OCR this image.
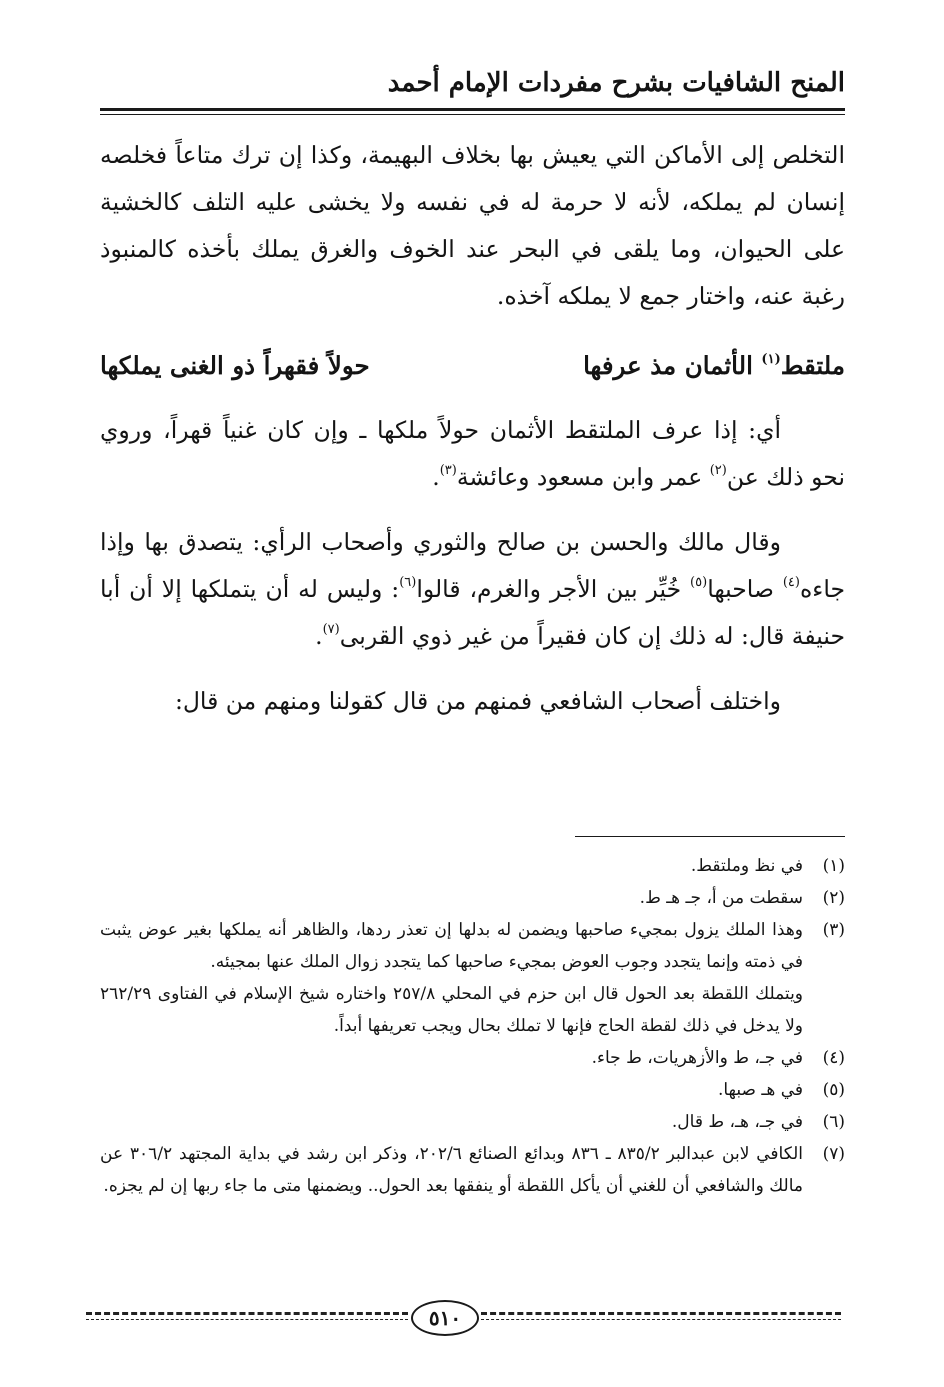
المنح الشافيات بشرح مفردات الإمام أحمد

التخلص إلى الأماكن التي يعيش بها بخلاف البهيمة، وكذا إن ترك متاعاً فخلصه إنسان لم يملكه، لأنه لا حرمة له في نفسه ولا يخشى عليه التلف كالخشية على الحيوان، وما يلقى في البحر عند الخوف والغرق يملك بأخذه كالمنبوذ رغبة عنه، واختار جمع لا يملكه آخذه.

ملتقط$^{(١)}$ الأثمان مذ عرفها
حولاً فقهراً ذو الغنى يملكها

أي: إذا عرف الملتقط الأثمان حولاً ملكها ـ وإن كان غنياً قهراً، وروي نحو ذلك عن$^{(٢)}$ عمر وابن مسعود وعائشة$^{(٣)}$.

وقال مالك والحسن بن صالح والثوري وأصحاب الرأي: يتصدق بها وإذا جاءه$^{(٤)}$ صاحبها$^{(٥)}$ خُيِّر بين الأجر والغرم، قالوا$^{(٦)}$: وليس له أن يتملكها إلا أن أبا حنيفة قال: له ذلك إن كان فقيراً من غير ذوي القربى$^{(٧)}$.

واختلف أصحاب الشافعي فمنهم من قال كقولنا ومنهم من قال:

(١)
في نظ وملتقط.
(٢)
سقطت من أ، جـ هـ ط.
(٣)

وهذا الملك يزول بمجيء صاحبها ويضمن له بدلها إن تعذر ردها، والظاهر أنه يملكها بغير عوض يثبت في ذمته وإنما يتجدد وجوب العوض بمجيء صاحبها كما يتجدد زوال الملك عنها بمجيئه.

ويتملك اللقطة بعد الحول قال ابن حزم في المحلي ٢٥٧/٨ واختاره شيخ الإسلام في الفتاوى ٢٦٢/٢٩ ولا يدخل في ذلك لقطة الحاج فإنها لا تملك بحال ويجب تعريفها أبداً.

(٤)
في جـ، ط والأزهريات، ط جاء.
(٥)
في هـ صبها.
(٦)
في جـ، هـ، ط قال.
(٧)
الكافي لابن عبدالبر ٨٣٥/٢ ـ ٨٣٦ وبدائع الصنائع ٢٠٢/٦، وذكر ابن رشد في بداية المجتهد ٣٠٦/٢ عن مالك والشافعي أن للغني أن يأكل اللقطة أو ينفقها بعد الحول.. ويضمنها متى ما جاء ربها إن لم يجزه.
٥١٠
